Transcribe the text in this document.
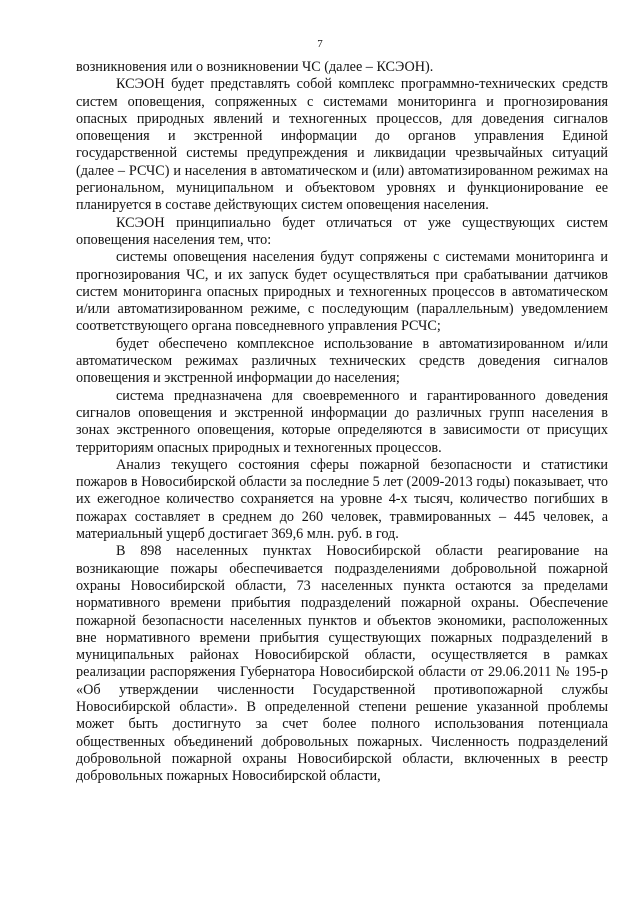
7

возникновения или о возникновении ЧС (далее – КСЭОН).

КСЭОН будет представлять собой комплекс программно-технических средств систем оповещения, сопряженных с системами мониторинга и прогнозирования опасных природных явлений и техногенных процессов, для доведения сигналов оповещения и экстренной информации до органов управления Единой государственной системы предупреждения и ликвидации чрезвычайных ситуаций (далее – РСЧС) и населения в автоматическом и (или) автоматизированном режимах на региональном, муниципальном и объектовом уровнях и функционирование ее планируется в составе действующих систем оповещения населения.

КСЭОН принципиально будет отличаться от уже существующих систем оповещения населения тем, что:

системы оповещения населения будут сопряжены с системами мониторинга и прогнозирования ЧС, и их запуск будет осуществляться при срабатывании датчиков систем мониторинга опасных природных и техногенных процессов в автоматическом и/или автоматизированном режиме, с последующим (параллельным) уведомлением соответствующего органа повседневного управления РСЧС;

будет обеспечено комплексное использование в автоматизированном и/или автоматическом режимах различных технических средств доведения сигналов оповещения и экстренной информации до населения;

система предназначена для своевременного и гарантированного доведения сигналов оповещения и экстренной информации до различных групп населения в зонах экстренного оповещения, которые определяются в зависимости от присущих территориям опасных природных и техногенных процессов.

Анализ текущего состояния сферы пожарной безопасности и статистики пожаров в Новосибирской области за последние 5 лет (2009-2013 годы) показывает, что их ежегодное количество сохраняется на уровне 4-х тысяч, количество погибших в пожарах составляет в среднем до 260 человек, травмированных – 445 человек, а материальный ущерб достигает 369,6 млн. руб. в год.

В 898 населенных пунктах Новосибирской области реагирование на возникающие пожары обеспечивается подразделениями добровольной пожарной охраны Новосибирской области, 73 населенных пункта остаются за пределами нормативного времени прибытия подразделений пожарной охраны. Обеспечение пожарной безопасности населенных пунктов и объектов экономики, расположенных вне нормативного времени прибытия существующих пожарных подразделений в муниципальных районах Новосибирской области, осуществляется в рамках реализации распоряжения Губернатора Новосибирской области от 29.06.2011 № 195-р «Об утверждении численности Государственной противопожарной службы Новосибирской области». В определенной степени решение указанной проблемы может быть достигнуто за счет более полного использования потенциала общественных объединений добровольных пожарных. Численность подразделений добровольной пожарной охраны Новосибирской области, включенных в реестр добровольных пожарных Новосибирской области,
